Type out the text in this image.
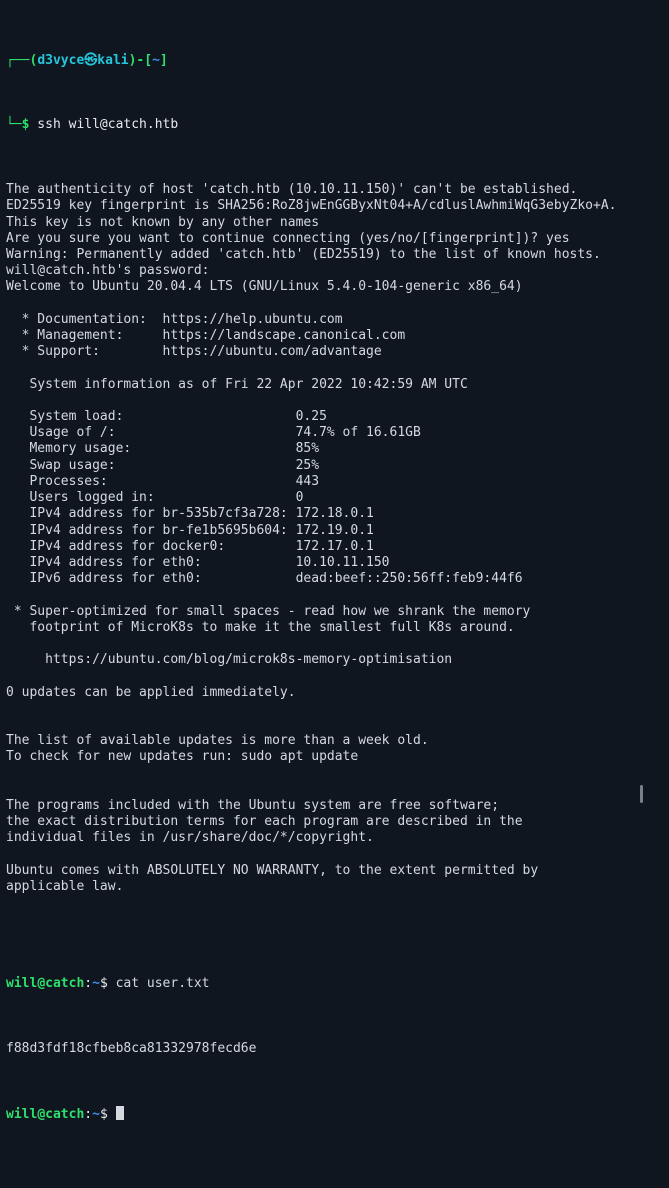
┌──(d3vyce㉿kali)-[~]

└─$ ssh will@catch.htb

The authenticity of host 'catch.htb (10.10.11.150)' can't be established.
ED25519 key fingerprint is SHA256:RoZ8jwEnGGByxNt04+A/cdluslAwhmiWqG3ebyZko+A.
This key is not known by any other names
Are you sure you want to continue connecting (yes/no/[fingerprint])? yes
Warning: Permanently added 'catch.htb' (ED25519) to the list of known hosts.
will@catch.htb's password:
Welcome to Ubuntu 20.04.4 LTS (GNU/Linux 5.4.0-104-generic x86_64)

* Documentation:  https://help.ubuntu.com
* Management:     https://landscape.canonical.com
* Support:        https://ubuntu.com/advantage

System information as of Fri 22 Apr 2022 10:42:59 AM UTC

System load:                      0.25
Usage of /:                       74.7% of 16.61GB
Memory usage:                     85%
Swap usage:                       25%
Processes:                        443
Users logged in:                  0
IPv4 address for br-535b7cf3a728: 172.18.0.1
IPv4 address for br-fe1b5695b604: 172.19.0.1
IPv4 address for docker0:         172.17.0.1
IPv4 address for eth0:            10.10.11.150
IPv6 address for eth0:            dead:beef::250:56ff:feb9:44f6

* Super-optimized for small spaces - read how we shrank the memory
footprint of MicroK8s to make it the smallest full K8s around.

https://ubuntu.com/blog/microk8s-memory-optimisation

0 updates can be applied immediately.

The list of available updates is more than a week old.
To check for new updates run: sudo apt update

The programs included with the Ubuntu system are free software;
the exact distribution terms for each program are described in the
individual files in /usr/share/doc/*/copyright.

Ubuntu comes with ABSOLUTELY NO WARRANTY, to the extent permitted by
applicable law.

will@catch:~$ cat user.txt

f88d3fdf18cfbeb8ca81332978fecd6e

will@catch:~$
